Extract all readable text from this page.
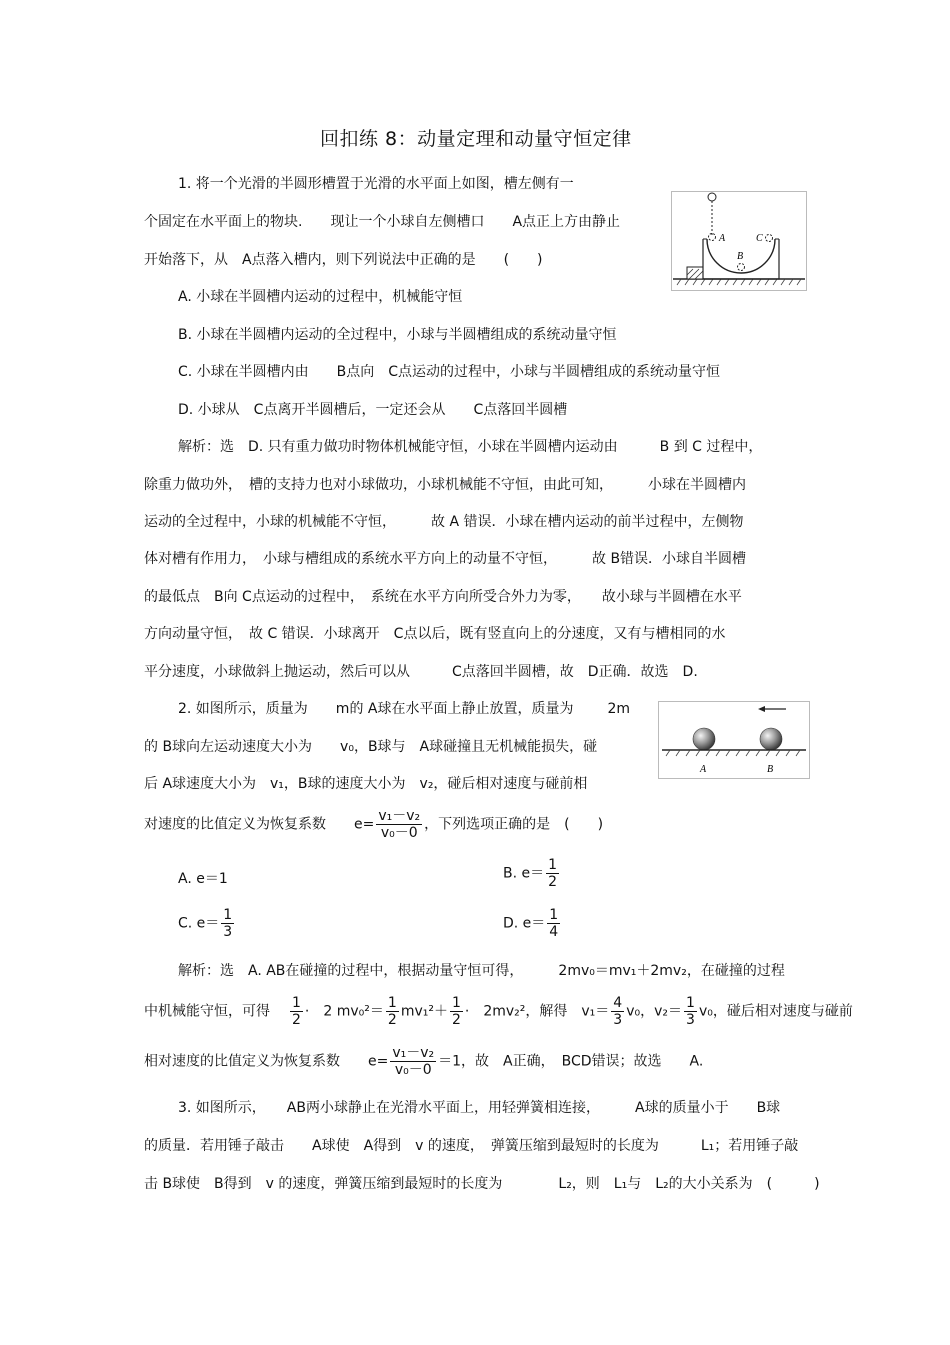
回扣练 8：动量定理和动量守恒定律
1. 将一个光滑的半圆形槽置于光滑的水平面上如图，槽左侧有一
个固定在水平面上的物块.　　现让一个小球自左侧槽口　　A点正上方由静止
开始落下，从　A点落入槽内，则下列说法中正确的是　　(　　)
A
B
C
A. 小球在半圆槽内运动的过程中，机械能守恒
B. 小球在半圆槽内运动的全过程中，小球与半圆槽组成的系统动量守恒
C. 小球在半圆槽内由　　B点向　C点运动的过程中，小球与半圆槽组成的系统动量守恒
D. 小球从　C点离开半圆槽后，一定还会从　　C点落回半圆槽
解析：选　D. 只有重力做功时物体机械能守恒，小球在半圆槽内运动由　　　B 到 C 过程中，
除重力做功外，　槽的支持力也对小球做功，小球机械能不守恒，由此可知，　　　小球在半圆槽内
运动的全过程中，小球的机械能不守恒，　　　故 A 错误．小球在槽内运动的前半过程中，左侧物
体对槽有作用力，　小球与槽组成的系统水平方向上的动量不守恒，　　　故 B错误．小球自半圆槽
的最低点　B向 C点运动的过程中，　系统在水平方向所受合外力为零，　　故小球与半圆槽在水平
方向动量守恒，　故 C 错误．小球离开　C点以后，既有竖直向上的分速度，又有与槽相同的水
平分速度，小球做斜上抛运动，然后可以从　　　C点落回半圆槽，故　D正确．故选　D.
2. 如图所示，质量为　　m的 A球在水平面上静止放置，质量为 2m
的 B球向左运动速度大小为　　v₀，B球与　A球碰撞且无机械能损失，碰
后 A球速度大小为　v₁，B球的速度大小为　v₂，碰后相对速度与碰前相
对速度的比值定义为恢复系数　　$e= \frac{\text{v₁－v₂}}{\text{v₀－0}}$ ，下列选项正确的是　(　　)
A	B
A. e＝1	B. $e= \frac{1}{2}$
C. $e= \frac{1}{3}$	D. $e= \frac{1}{4}$
解析：选　A. AB在碰撞的过程中，根据动量守恒可得，　　　2mv₀＝mv₁＋2mv₂，在碰撞的过程
中机械能守恒，可得 $\frac{1}{2}$ ·　2 $mv_0^2= \frac{1}{2} mv_1^2+ \frac{1}{2}$ ·　2mv₂²，解得　$v_1= \frac{4}{3} v_0$，$v_2= \frac{1}{3} v_0$，碰后相对速度与碰前
相对速度的比值定义为恢复系数　　$e= \frac{\text{v₁－v₂}}{\text{v₀－0}} =1$，故　A正确，　BCD错误；故选　　A.
3. 如图所示，　　AB两小球静止在光滑水平面上，用轻弹簧相连接，　　　A球的质量小于　　B球
的质量．若用锤子敲击　　A球使　A得到　v 的速度，　弹簧压缩到最短时的长度为　　　L₁；若用锤子敲
击 B球使　B得到　v 的速度，弹簧压缩到最短时的长度为　　　　L₂，则　L₁与　L₂的大小关系为　(　　　)
